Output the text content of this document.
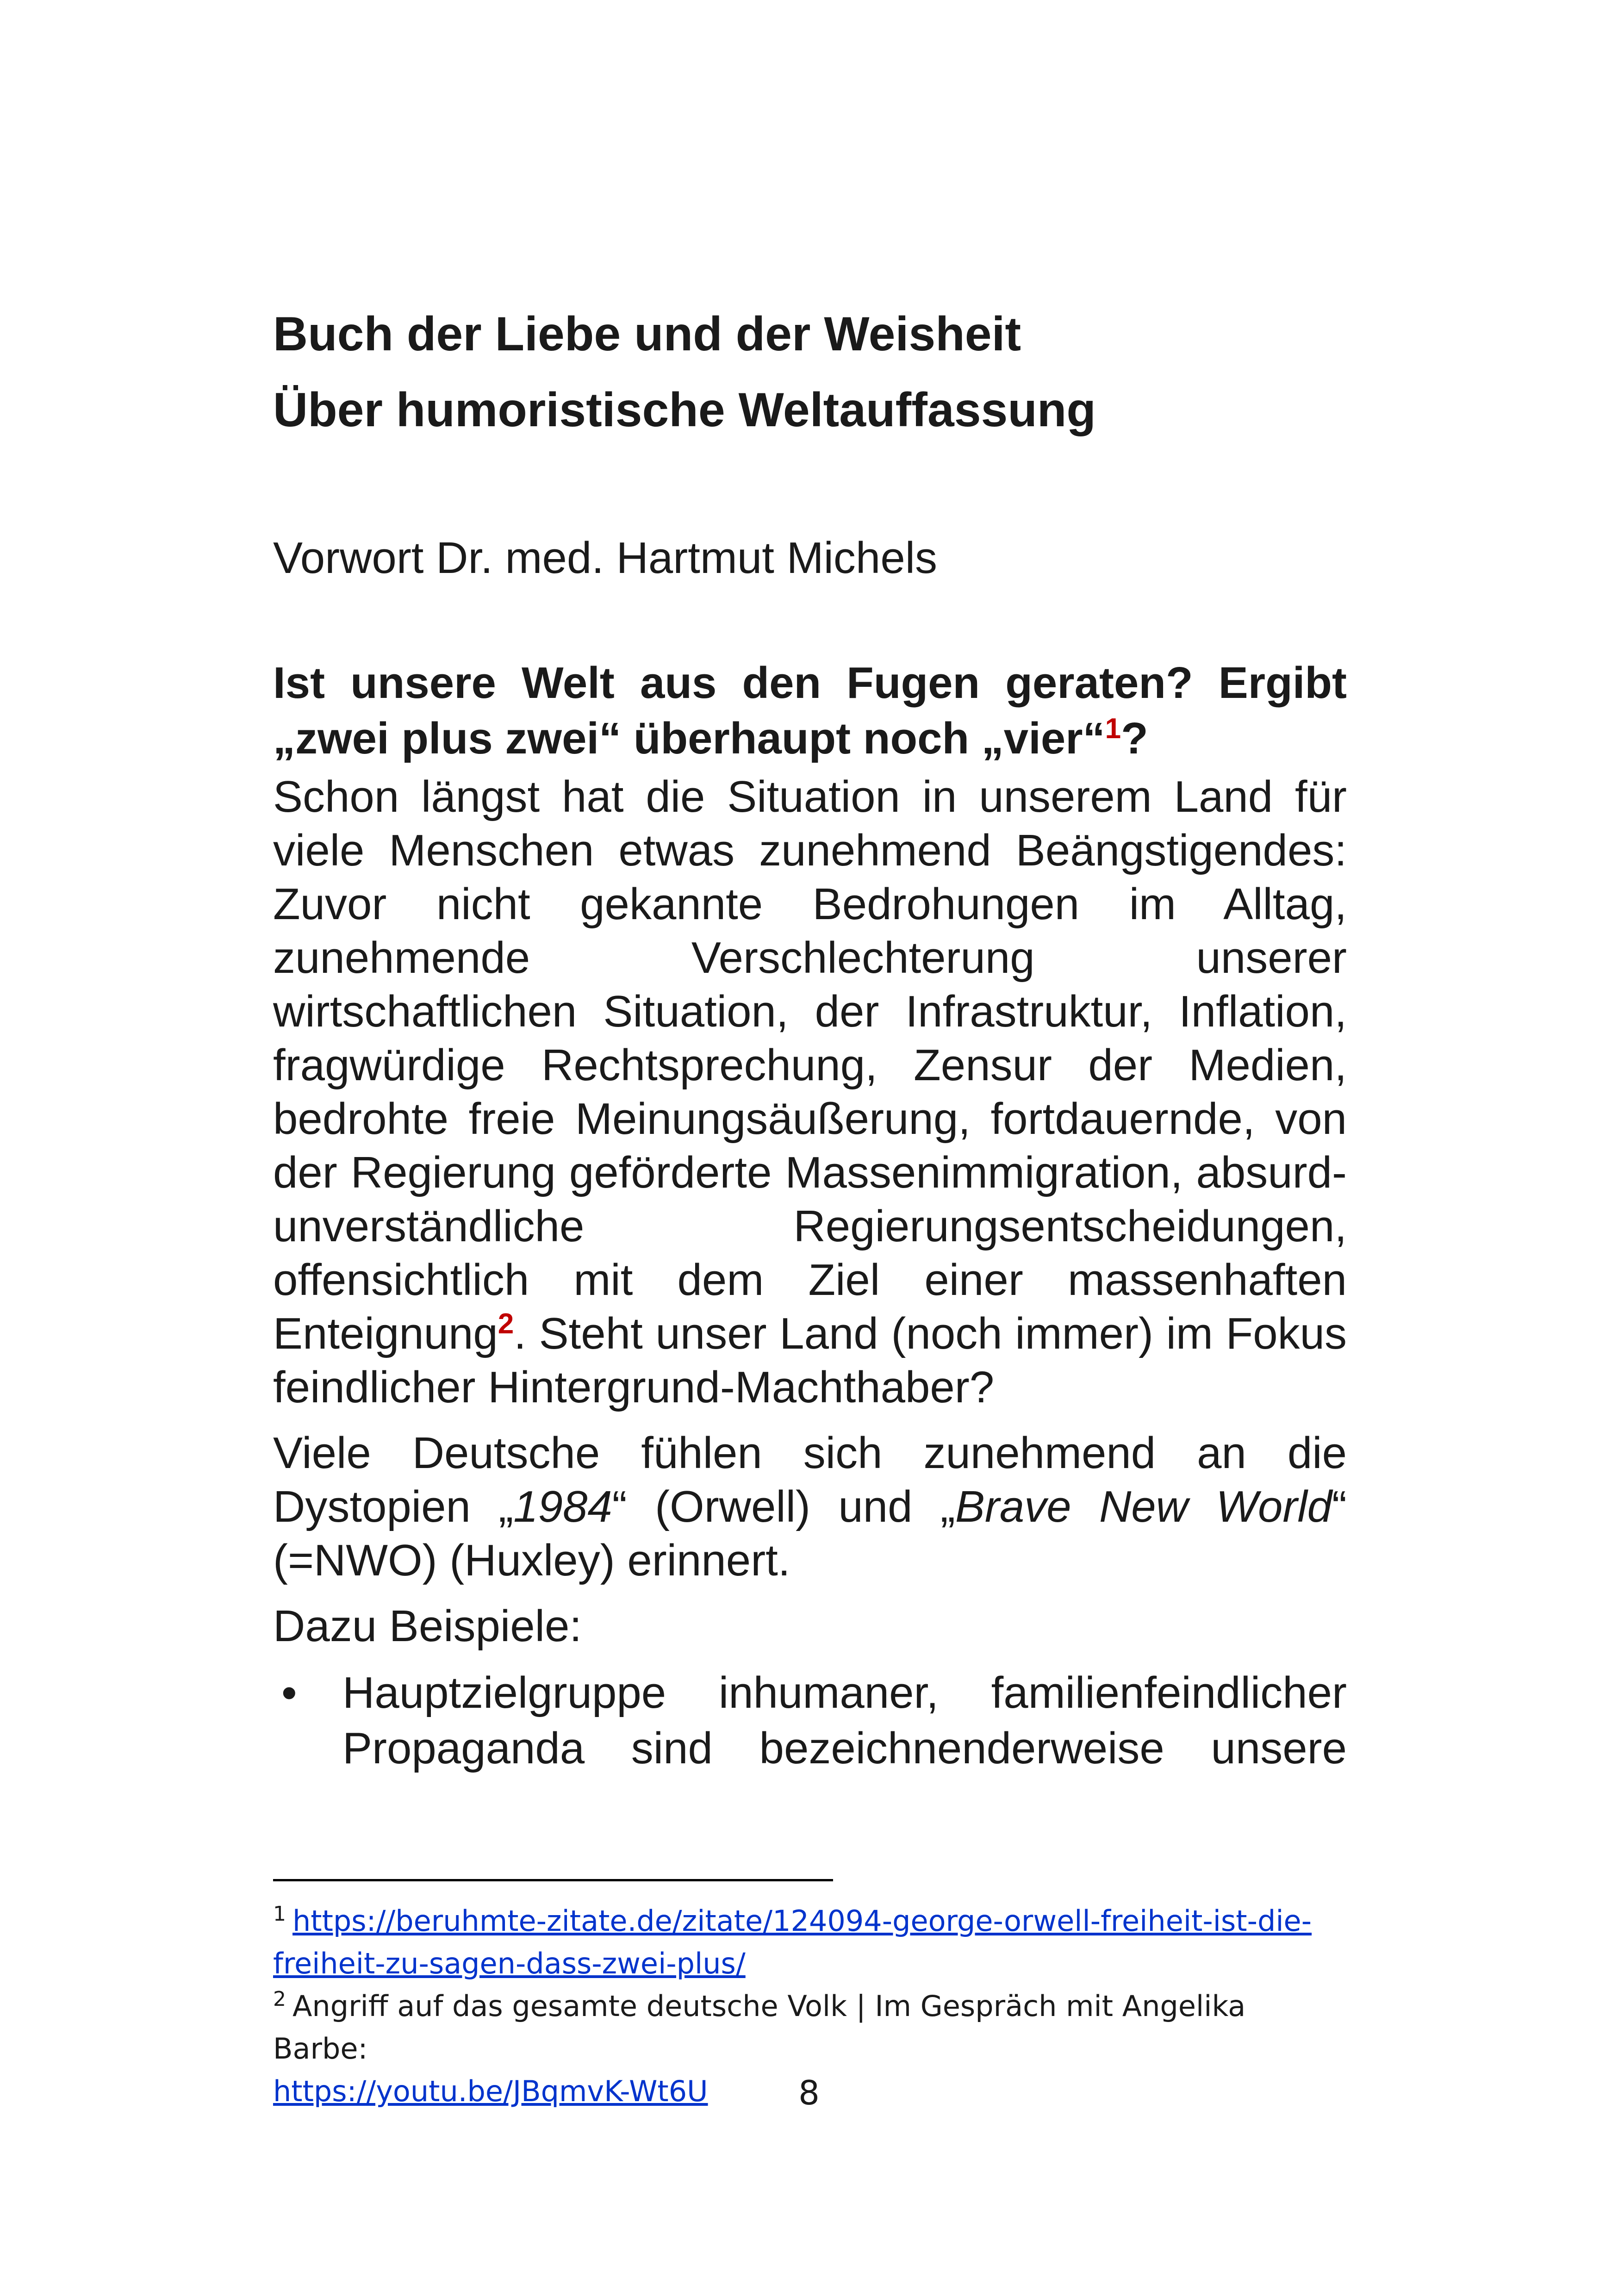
Buch der Liebe und der Weisheit
Über humoristische Weltauffassung
Vorwort Dr. med. Hartmut Michels
Ist unsere Welt aus den Fugen geraten? Ergibt „zwei plus zwei“ überhaupt noch „vier“$^1$?

Schon längst hat die Situation in unserem Land für viele Menschen etwas zunehmend Beängstigendes: Zuvor nicht gekannte Bedrohungen im Alltag, zunehmende Verschlechterung unserer wirtschaftlichen Situation, der Infrastruktur, Inflation, fragwürdige Rechtsprechung, Zensur der Medien, bedrohte freie Meinungsäußerung, fortdauernde, von der Regierung geförderte Massenimmigration, absurd-unverständliche Regierungsentscheidungen, offensichtlich mit dem Ziel einer massenhaften Enteignung$^2$. Steht unser Land (noch immer) im Fokus feindlicher Hintergrund-Machthaber?

Viele Deutsche fühlen sich zunehmend an die Dystopien „1984“ (Orwell) und „Brave New World“ (=NWO) (Huxley) erinnert.

Dazu Beispiele:

• Hauptzielgruppe inhumaner, familienfeindlicher Propaganda sind bezeichnenderweise unsere
$^1$ https://beruhmte-zitate.de/zitate/124094-george-orwell-freiheit-ist-die-freiheit-zu-sagen-dass-zwei-plus/
$^2$ Angriff auf das gesamte deutsche Volk | Im Gespräch mit Angelika Barbe:
https://youtu.be/JBqmvK-Wt6U	8
